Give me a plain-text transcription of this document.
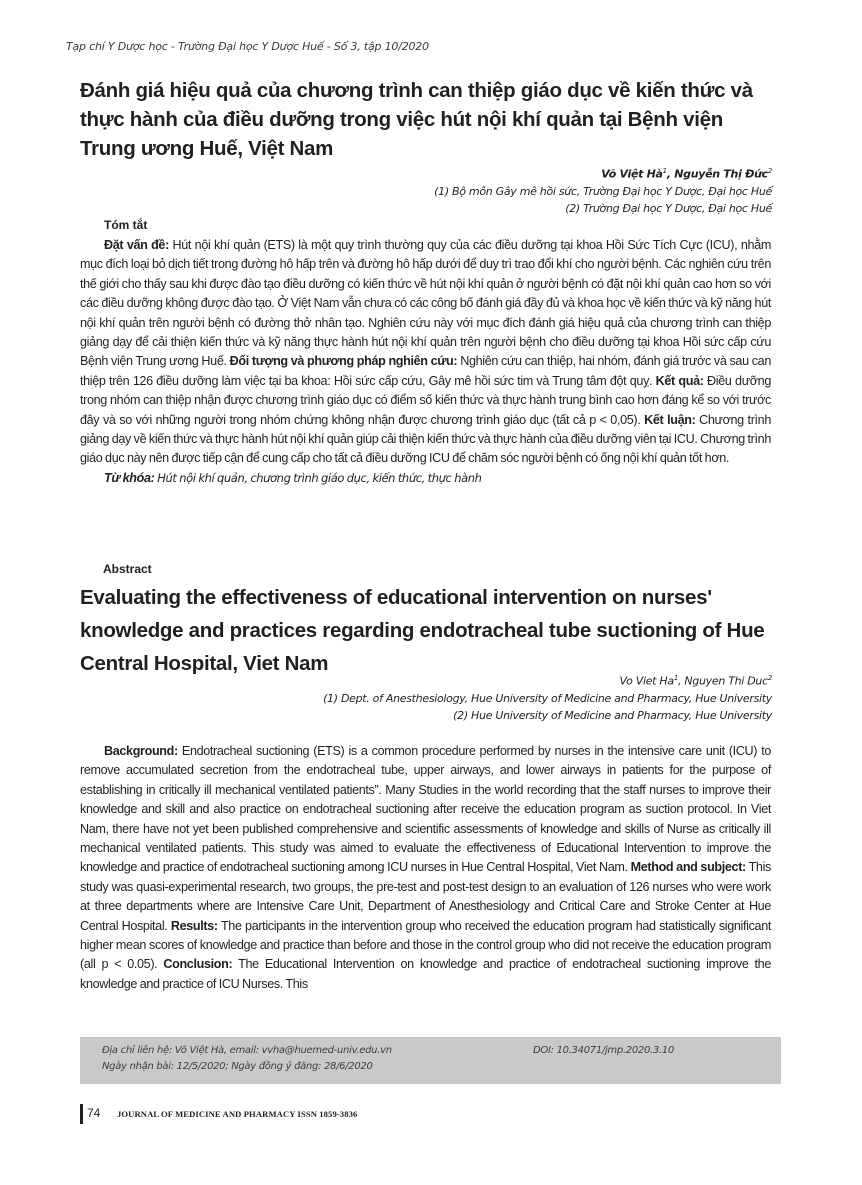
Tạp chí Y Dược học - Trường Đại học Y Dược Huế - Số 3, tập 10/2020
Đánh giá hiệu quả của chương trình can thiệp giáo dục về kiến thức và thực hành của điều dưỡng trong việc hút nội khí quản tại Bệnh viện Trung ương Huế, Việt Nam
Võ Việt $Hà^1$, Nguyễn Thị Đức$^2$
(1) Bộ môn Gây mê hồi sức, Trường Đại học Y Dược, Đại học Huế
(2) Trường Đại học Y Dược, Đại học Huế
Tóm tắt

Đặt vấn đề: Hút nội khí quản (ETS) là một quy trình thường quy của các điều dưỡng tại khoa Hồi Sức Tích Cực (ICU), nhằm mục đích loại bỏ dịch tiết trong đường hô hấp trên và đường hô hấp dưới để duy trì trao đổi khí cho người bệnh. Các nghiên cứu trên thế giới cho thấy sau khi được đào tạo điều dưỡng có kiến thức về hút nội khí quản ở người bệnh có đặt nội khí quản cao hơn so với các điều dưỡng không được đào tạo. Ở Việt Nam vẫn chưa có các công bố đánh giá đầy đủ và khoa học về kiến thức và kỹ năng hút nội khí quản trên người bệnh có đường thở nhân tạo. Nghiên cứu này với mục đích đánh giá hiệu quả của chương trình can thiệp giảng dạy để cải thiện kiến thức và kỹ năng thực hành hút nội khí quản trên người bệnh cho điều dưỡng tại khoa Hồi sức cấp cứu Bệnh viện Trung ương Huế. Đối tượng và phương pháp nghiên cứu: Nghiên cứu can thiệp, hai nhóm, đánh giá trước và sau can thiệp trên 126 điều dưỡng làm việc tại ba khoa: Hồi sức cấp cứu, Gây mê hồi sức tim và Trung tâm đột quỵ. Kết quả: Điều dưỡng trong nhóm can thiệp nhận được chương trình giáo dục có điểm số kiến thức và thực hành trung bình cao hơn đáng kể so với trước đây và so với những người trong nhóm chứng không nhận được chương trình giáo dục (tất cả p < 0,05). Kết luận: Chương trình giảng dạy về kiến thức và thực hành hút nội khí quản giúp cải thiện kiến thức và thực hành của điều dưỡng viên tại ICU. Chương trình giáo dục này nên được tiếp cận để cung cấp cho tất cả điều dưỡng ICU để chăm sóc người bệnh có ống nội khí quản tốt hơn.

Từ khóa: Hút nội khí quản, chương trình giáo dục, kiến thức, thực hành

Abstract
Evaluating the effectiveness of educational intervention on nurses' knowledge and practices regarding endotracheal tube suctioning of Hue Central Hospital, Viet Nam
Vo Viet Ha$^1$, Nguyen Thi Duc$^2$
(1) Dept. of Anesthesiology, Hue University of Medicine and Pharmacy, Hue University
(2) Hue University of Medicine and Pharmacy, Hue University

Background: Endotracheal suctioning (ETS) is a common procedure performed by nurses in the intensive care unit (ICU) to remove accumulated secretion from the endotracheal tube, upper airways, and lower airways in patients for the purpose of establishing in critically ill mechanical ventilated patients”. Many Studies in the world recording that the staff nurses to improve their knowledge and skill and also practice on endotracheal suctioning after receive the education program as suction protocol. In Viet Nam, there have not yet been published comprehensive and scientific assessments of knowledge and skills of Nurse as critically ill mechanical ventilated patients. This study was aimed to evaluate the effectiveness of Educational Intervention to improve the knowledge and practice of endotracheal suctioning among ICU nurses in Hue Central Hospital, Viet Nam. Method and subject: This study was quasi-experimental research, two groups, the pre-test and post-test design to an evaluation of 126 nurses who were work at three departments where are Intensive Care Unit, Department of Anesthesiology and Critical Care and Stroke Center at Hue Central Hospital. Results: The participants in the intervention group who received the education program had statistically significant higher mean scores of knowledge and practice than before and those in the control group who did not receive the education program (all p < 0.05). Conclusion: The Educational Intervention on knowledge and practice of endotracheal suctioning improve the knowledge and practice of ICU Nurses. This

Địa chỉ liên hệ: Võ Việt Hà, email: vvha@huemed-univ.edu.vn
Ngày nhận bài: 12/5/2020; Ngày đồng ý đăng: 28/6/2020
DOI: 10.34071/jmp.2020.3.10
74 JOURNAL OF MEDICINE AND PHARMACY ISSN 1859-3836
